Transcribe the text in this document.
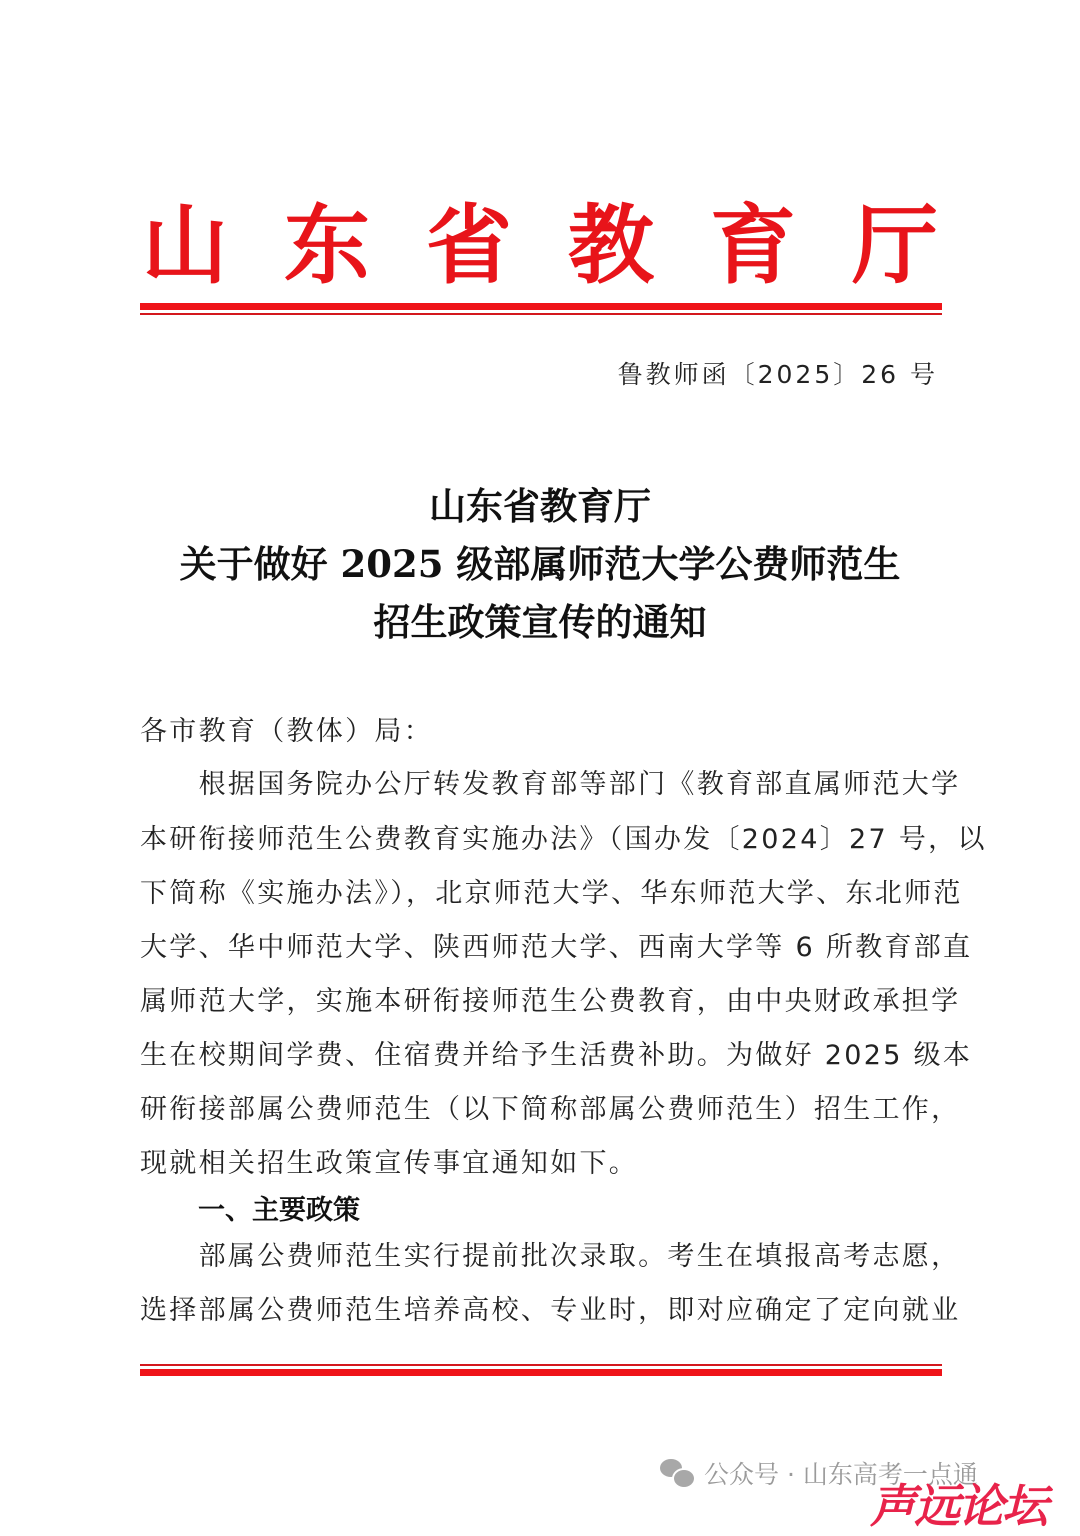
山 东 省 教 育 厅
鲁教师函〔2025〕26 号
山东省教育厅
关于做好 2025 级部属师范大学公费师范生
招生政策宣传的通知
各市教育（教体）局：
　　根据国务院办公厅转发教育部等部门《教育部直属师范大学
本研衔接师范生公费教育实施办法》（国办发〔2024〕27 号，以
下简称《实施办法》），北京师范大学、华东师范大学、东北师范
大学、华中师范大学、陕西师范大学、西南大学等 6 所教育部直
属师范大学，实施本研衔接师范生公费教育，由中央财政承担学
生在校期间学费、住宿费并给予生活费补助。为做好 2025 级本
研衔接部属公费师范生（以下简称部属公费师范生）招生工作，
现就相关招生政策宣传事宜通知如下。
一、主要政策
　　部属公费师范生实行提前批次录取。考生在填报高考志愿，
选择部属公费师范生培养高校、专业时，即对应确定了定向就业
公众号 · 山东高考一点通
声远论坛
